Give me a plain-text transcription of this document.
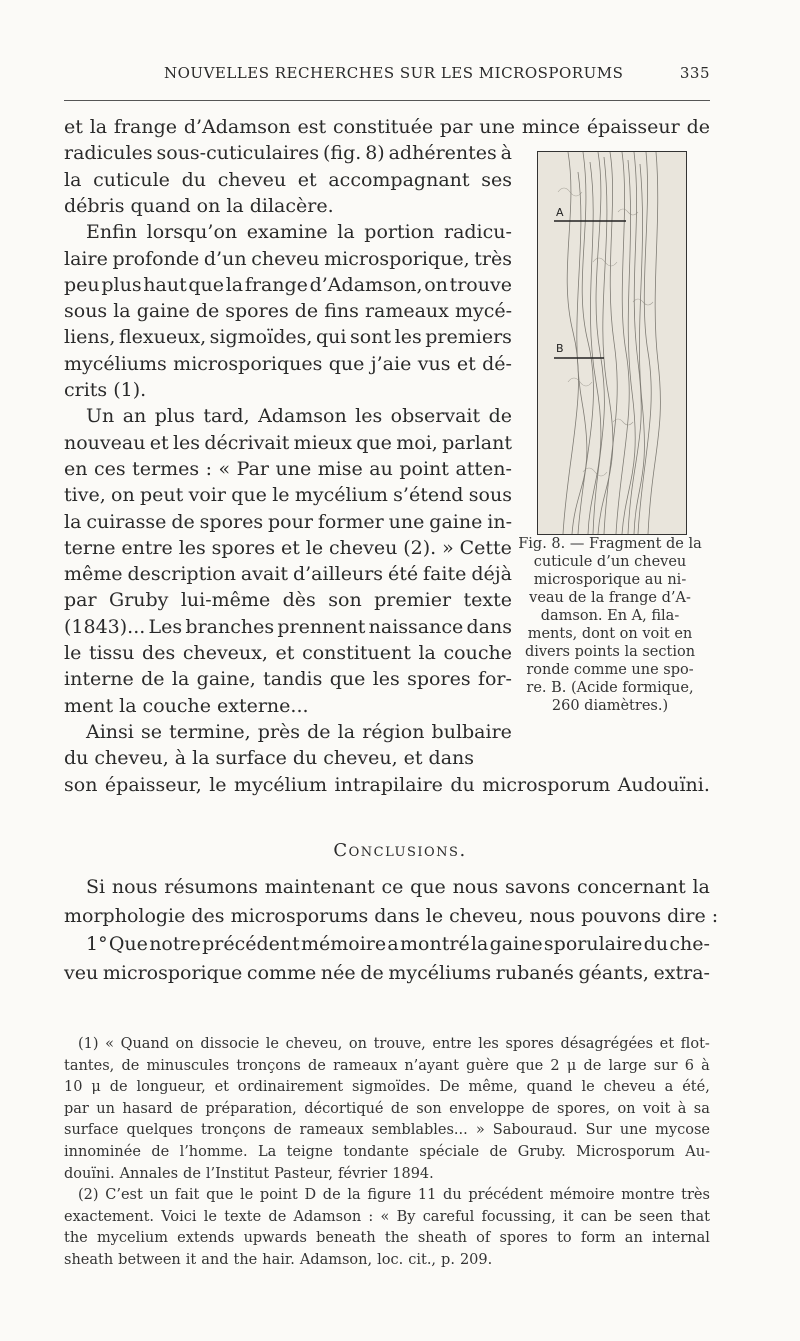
NOUVELLES RECHERCHES SUR LES MICROSPORUMS	335
et la frange d’Adamson est constituée par une mince épaisseur de
radicules sous-cuticulaires (fig. 8) adhérentes à
la cuticule du cheveu et accompagnant ses
débris quand on la dilacère.
Enfin lorsqu’on examine la portion radicu-
laire profonde d’un cheveu microsporique, très
peu plus haut que la frange d’Adamson, on trouve
sous la gaine de spores de fins rameaux mycé-
liens, flexueux, sigmoïdes, qui sont les premiers
mycéliums microsporiques que j’aie vus et dé-
crits (1).
Un an plus tard, Adamson les observait de
nouveau et les décrivait mieux que moi, parlant
en ces termes : « Par une mise au point atten-
tive, on peut voir que le mycélium s’étend sous
la cuirasse de spores pour former une gaine in-
terne entre les spores et le cheveu (2). » Cette
même description avait d’ailleurs été faite déjà
par Gruby lui-même dès son premier texte
(1843)... Les branches prennent naissance dans
le tissu des cheveux, et constituent la couche
interne de la gaine, tandis que les spores for-
ment la couche externe...
Ainsi se termine, près de la région bulbaire
du cheveu, à la surface du cheveu, et dans
son épaisseur, le mycélium intrapilaire du microsporum Audouïni.
A
B
Fig. 8. — Fragment de la
cuticule d’un cheveu
microsporique au ni-
veau de la frange d’A-
damson. En A, fila-
ments, dont on voit en
divers points la section
ronde comme une spo-
re. B. (Acide formique,
260 diamètres.)
Conclusions.
Si nous résumons maintenant ce que nous savons concernant la
morphologie des microsporums dans le cheveu, nous pouvons dire :
1° Que notre précédent mémoire a montré la gaine sporulaire du che-
veu microsporique comme née de mycéliums rubanés géants, extra-
(1) « Quand on dissocie le cheveu, on trouve, entre les spores désagrégées et flot-
tantes, de minuscules tronçons de rameaux n’ayant guère que 2 μ de large sur 6 à
10 μ de longueur, et ordinairement sigmoïdes. De même, quand le cheveu a été,
par un hasard de préparation, décortiqué de son enveloppe de spores, on voit à sa
surface quelques tronçons de rameaux semblables... » Sabouraud. Sur une mycose
innominée de l’homme. La teigne tondante spéciale de Gruby. Microsporum Au-
douïni. Annales de l’Institut Pasteur, février 1894.
(2) C’est un fait que le point D de la figure 11 du précédent mémoire montre très
exactement. Voici le texte de Adamson : « By careful focussing, it can be seen that
the mycelium extends upwards beneath the sheath of spores to form an internal
sheath between it and the hair. Adamson, loc. cit., p. 209.
